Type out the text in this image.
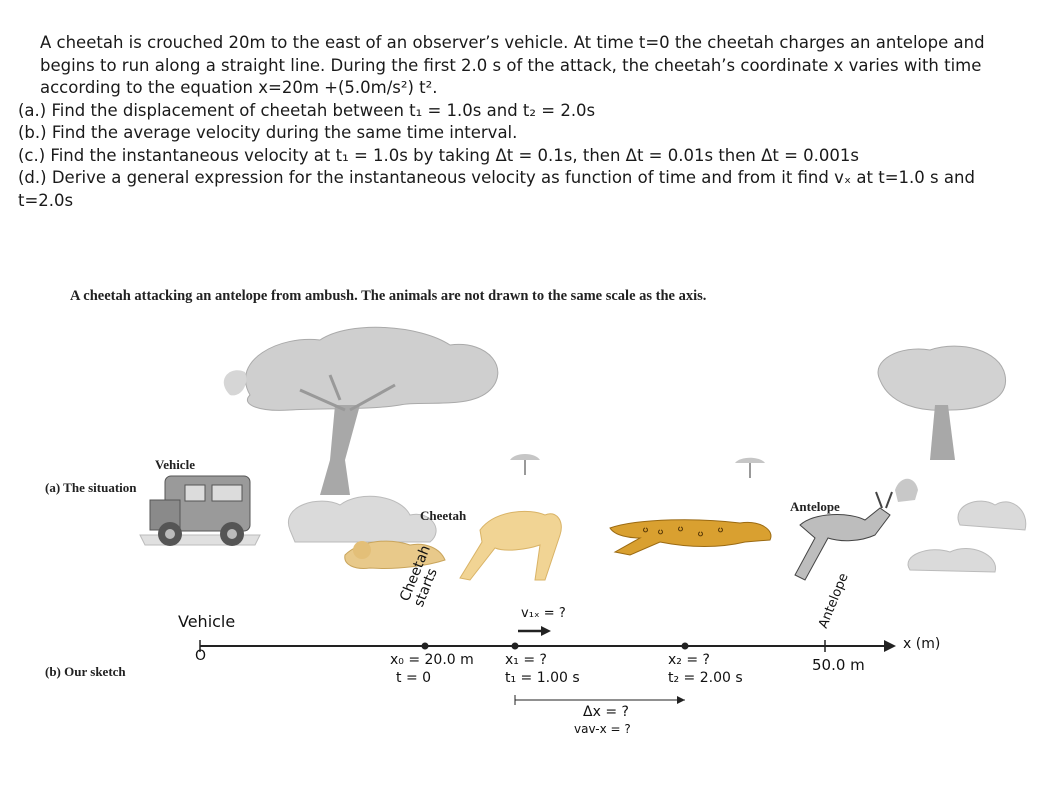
A cheetah is crouched 20m to the east of an observer’s vehicle. At time t=0 the cheetah charges an antelope and begins to run along a straight line. During the first 2.0 s of the attack, the cheetah’s coordinate x varies with time according to the equation x=20m +(5.0m/s²) t².

(a.) Find the displacement of cheetah between t₁ = 1.0s and t₂ = 2.0s

(b.) Find the average velocity during the same time interval.

(c.) Find the instantaneous velocity at t₁ = 1.0s by taking Δt = 0.1s, then Δt = 0.01s then Δt = 0.001s

(d.) Derive a general expression for the instantaneous velocity as function of time and from it find vₓ at t=1.0 s and t=2.0s

A cheetah attacking an antelope from ambush. The animals are not drawn to the same scale as the axis.
Vehicle
(a) The situation
Cheetah
Antelope
(b) Our sketch
Vehicle
O
Cheetah starts
v₁ₓ = ?
x₀ = 20.0 m
t = 0
x₁ = ?
t₁ = 1.00 s
x₂ = ?
t₂ = 2.00 s
Antelope
50.0 m
x (m)
Δx = ?
vav-x = ?
